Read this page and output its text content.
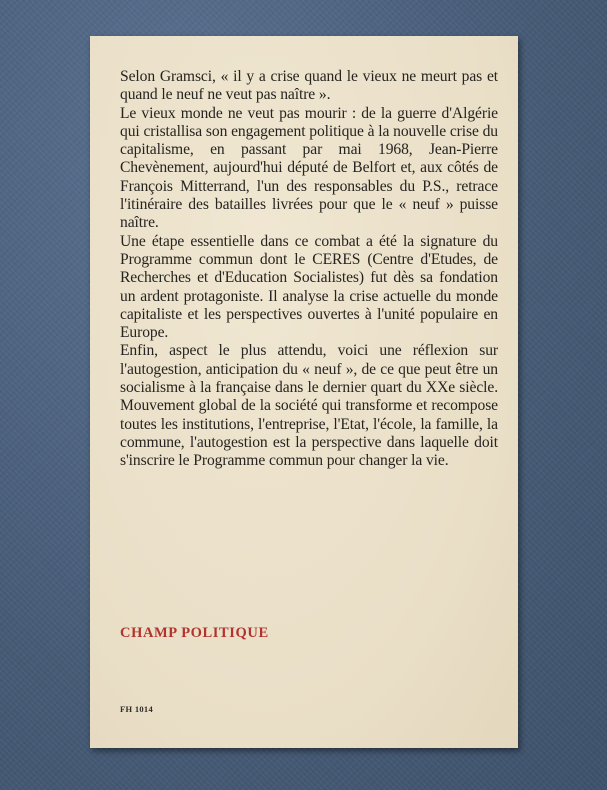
Selon Gramsci, « il y a crise quand le vieux ne meurt pas et quand le neuf ne veut pas naître ».

Le vieux monde ne veut pas mourir : de la guerre d'Algérie qui cristallisa son engagement politique à la nouvelle crise du capitalisme, en passant par mai 1968, Jean-Pierre Chevènement, aujourd'hui député de Belfort et, aux côtés de François Mitterrand, l'un des responsables du P.S., retrace l'itinéraire des batailles livrées pour que le « neuf » puisse naître.

Une étape essentielle dans ce combat a été la signature du Programme commun dont le CERES (Centre d'Etudes, de Recherches et d'Education Socialistes) fut dès sa fondation un ardent protagoniste. Il analyse la crise actuelle du monde capitaliste et les perspectives ouvertes à l'unité populaire en Europe.

Enfin, aspect le plus attendu, voici une réflexion sur l'autogestion, anticipation du « neuf », de ce que peut être un socialisme à la française dans le dernier quart du XXe siècle. Mouvement global de la société qui transforme et recompose toutes les institutions, l'entreprise, l'Etat, l'école, la famille, la commune, l'autogestion est la perspective dans laquelle doit s'inscrire le Programme commun pour changer la vie.

CHAMP POLITIQUE
FH 1014
